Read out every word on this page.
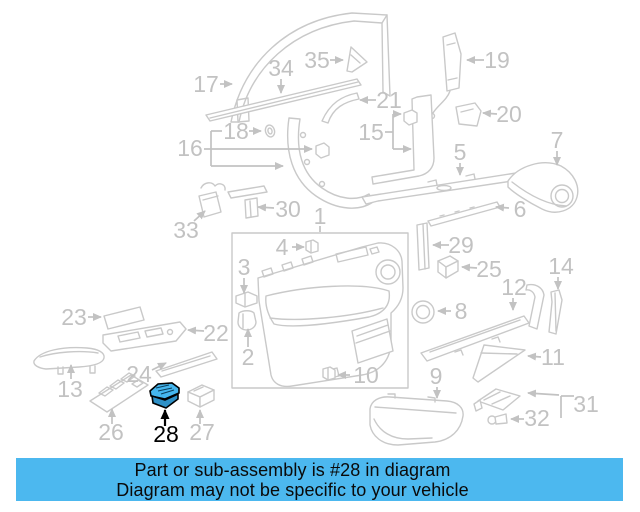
1
2
3
4
5
6
7
8
9
10
11
12
13
14
15
16
17
18
19
20
21
22
23
24
25
26	27
28
29
30
31
32
33
34 35
Part or sub-assembly is #28 in diagram
Diagram may not be specific to your vehicle
